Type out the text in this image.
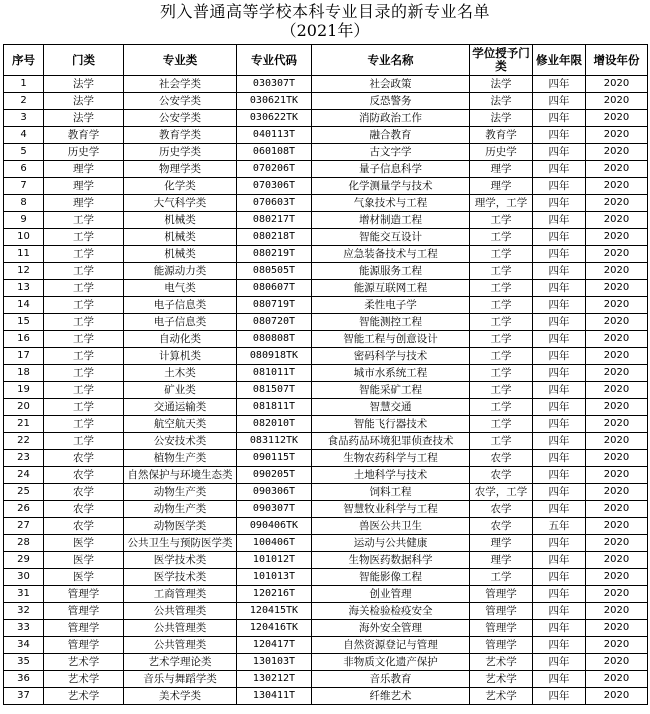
列入普通高等学校本科专业目录的新专业名单
（2021年）
序号	门类	专业类	专业代码	专业名称	学位授予门类	修业年限	增设年份
1	法学	社会学类	030307T	社会政策	法学	四年	2020
2	法学	公安学类	030621TK	反恐警务	法学	四年	2020
3	法学	公安学类	030622TK	消防政治工作	法学	四年	2020
4	教育学	教育学类	040113T	融合教育	教育学	四年	2020
5	历史学	历史学类	060108T	古文字学	历史学	四年	2020
6	理学	物理学类	070206T	量子信息科学	理学	四年	2020
7	理学	化学类	070306T	化学测量学与技术	理学	四年	2020
8	理学	大气科学类	070603T	气象技术与工程	理学，工学	四年	2020
9	工学	机械类	080217T	增材制造工程	工学	四年	2020
10	工学	机械类	080218T	智能交互设计	工学	四年	2020
11	工学	机械类	080219T	应急装备技术与工程	工学	四年	2020
12	工学	能源动力类	080505T	能源服务工程	工学	四年	2020
13	工学	电气类	080607T	能源互联网工程	工学	四年	2020
14	工学	电子信息类	080719T	柔性电子学	工学	四年	2020
15	工学	电子信息类	080720T	智能测控工程	工学	四年	2020
16	工学	自动化类	080808T	智能工程与创意设计	工学	四年	2020
17	工学	计算机类	080918TK	密码科学与技术	工学	四年	2020
18	工学	土木类	081011T	城市水系统工程	工学	四年	2020
19	工学	矿业类	081507T	智能采矿工程	工学	四年	2020
20	工学	交通运输类	081811T	智慧交通	工学	四年	2020
21	工学	航空航天类	082010T	智能飞行器技术	工学	四年	2020
22	工学	公安技术类	083112TK	食品药品环境犯罪侦查技术	工学	四年	2020
23	农学	植物生产类	090115T	生物农药科学与工程	农学	四年	2020
24	农学	自然保护与环境生态类	090205T	土地科学与技术	农学	四年	2020
25	农学	动物生产类	090306T	饲料工程	农学，工学	四年	2020
26	农学	动物生产类	090307T	智慧牧业科学与工程	农学	四年	2020
27	农学	动物医学类	090406TK	兽医公共卫生	农学	五年	2020
28	医学	公共卫生与预防医学类	100406T	运动与公共健康	理学	四年	2020
29	医学	医学技术类	101012T	生物医药数据科学	理学	四年	2020
30	医学	医学技术类	101013T	智能影像工程	工学	四年	2020
31	管理学	工商管理类	120216T	创业管理	管理学	四年	2020
32	管理学	公共管理类	120415TK	海关检验检疫安全	管理学	四年	2020
33	管理学	公共管理类	120416TK	海外安全管理	管理学	四年	2020
34	管理学	公共管理类	120417T	自然资源登记与管理	管理学	四年	2020
35	艺术学	艺术学理论类	130103T	非物质文化遗产保护	艺术学	四年	2020
36	艺术学	音乐与舞蹈学类	130212T	音乐教育	艺术学	四年	2020
37	艺术学	美术学类	130411T	纤维艺术	艺术学	四年	2020
